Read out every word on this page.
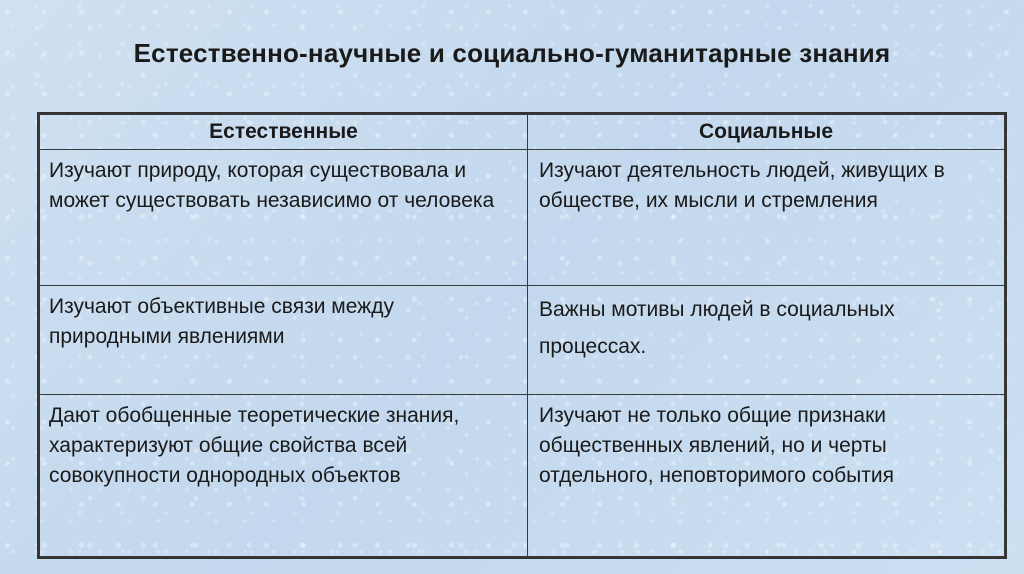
Естественно-научные и социально-гуманитарные знания
Естественные	Социальные
Изучают природу, которая существовала и может существовать независимо от человека	Изучают деятельность людей, живущих в обществе, их мысли и стремления
Изучают объективные связи между природными явлениями	Важны мотивы людей в социальных процессах.
Дают обобщенные теоретические знания, характеризуют общие свойства всей совокупности однородных объектов	Изучают не только общие признаки общественных явлений, но и черты отдельного, неповторимого события
